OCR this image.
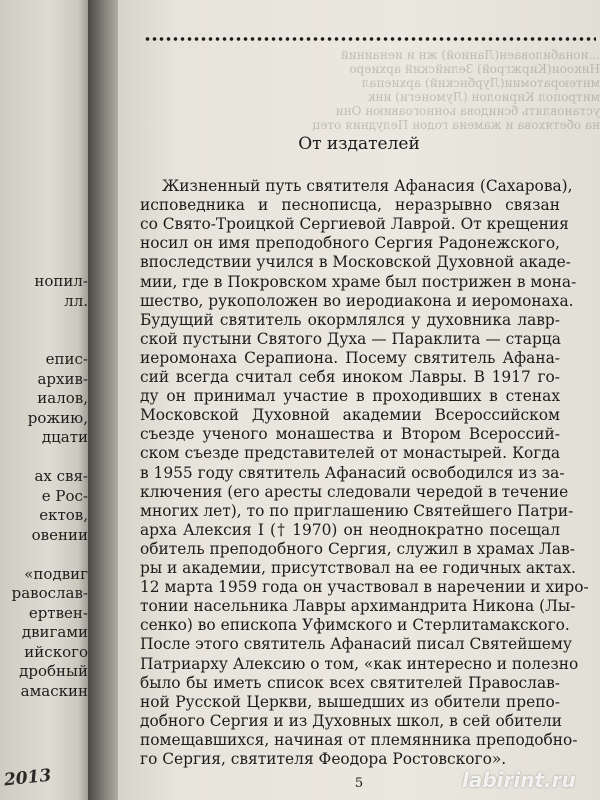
нопил-
лл.
епис-
архив-
иалов,
рожию,
дцати
ах свя-
е Рос-
ектов,
овении
«подвиг
равослав-
ертвен-
двигами
ийского
дробный
амаскин
2013
...ионабиловаен(Ланиой) жн и иенаиний
Никоои(Киржгрой) Зелийский архиеро
мнтеюратомии(Лурбнский) архиепал
митропол Кириолон (Лумонеги) инк
установлять бсиидова ьонногоавиюн Они
на обетяхова и жамеиа годон Пелудния отец
От издателей
Жизненный путь святителя Афанасия (Сахарова),
исповедника и песнописца, неразрывно связан
со Свято-Троицкой Сергиевой Лаврой. От крещения
носил он имя преподобного Сергия Радонежского,
впоследствии учился в Московской Духовной акаде-
мии, где в Покровском храме был пострижен в мона-
шество, рукоположен во иеродиакона и иеромонаха.
Будущий святитель окормлялся у духовника лавр-
ской пустыни Святого Духа — Параклита — старца
иеромонаха Серапиона. Посему святитель Афана-
сий всегда считал себя иноком Лавры. В 1917 го-
ду он принимал участие в проходивших в стенах
Московской Духовной академии Всероссийском
съезде ученого монашества и Втором Всероссий-
ском съезде представителей от монастырей. Когда
в 1955 году святитель Афанасий освободился из за-
ключения (его аресты следовали чередой в течение
многих лет), то по приглашению Святейшего Патри-
арха Алексия I († 1970) он неоднократно посещал
обитель преподобного Сергия, служил в храмах Лав-
ры и академии, присутствовал на ее годичных актах.
12 марта 1959 года он участвовал в наречении и хиро-
тонии насельника Лавры архимандрита Никона (Лы-
сенко) во епископа Уфимского и Стерлитамакского.
После этого святитель Афанасий писал Святейшему
Патриарху Алексию о том, «как интересно и полезно
было бы иметь список всех святителей Православ-
ной Русской Церкви, вышедших из обители препо-
добного Сергия и из Духовных школ, в сей обители
помещавшихся, начиная от племянника преподобно-
го Сергия, святителя Феодора Ростовского».
5	labirint.ru
